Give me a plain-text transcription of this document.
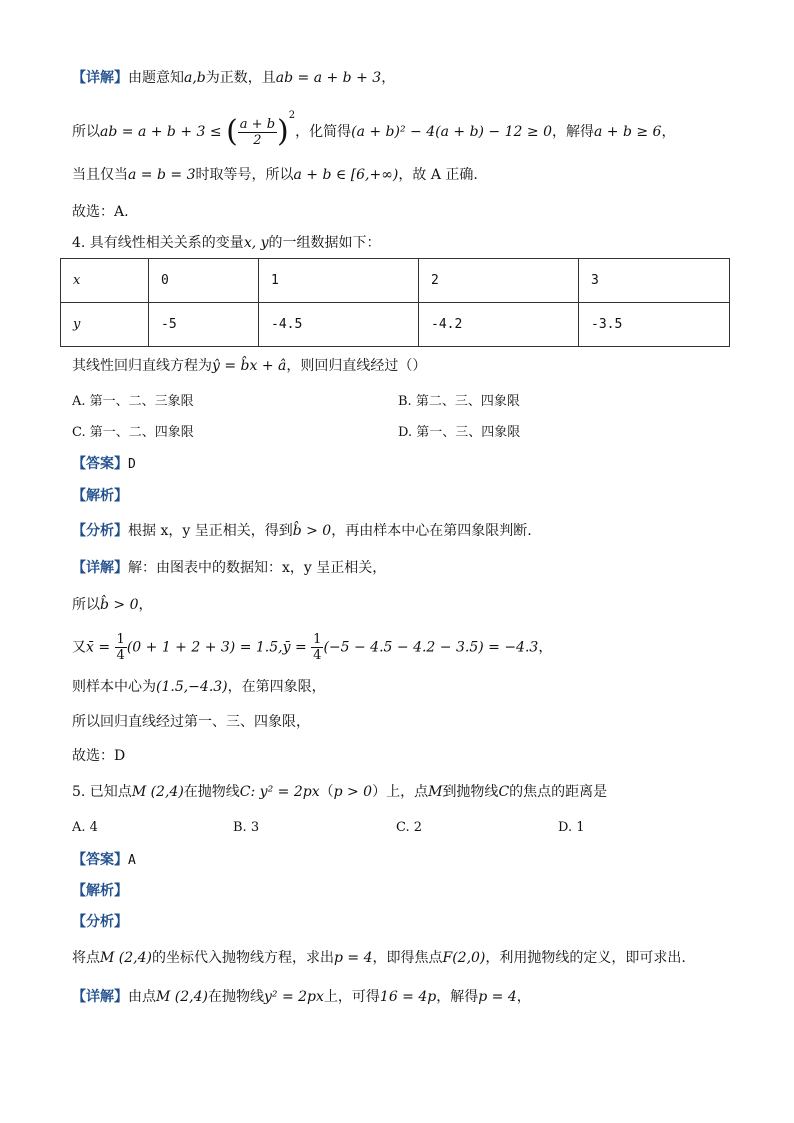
【详解】由题意知a,b为正数，且ab = a + b + 3，
所以ab = a + b + 3 ≤ ( $\frac{a + b}{2} )^2$，化简得(a + b)² − 4(a + b) − 12 ≥ 0，解得a + b ≥ 6，
当且仅当a = b = 3时取等号，所以a + b ∈ [6,+∞)，故 A 正确.
故选：A.
4. 具有线性相关关系的变量x, y的一组数据如下：
x	0	1	2	3
y	-5	-4.5	-4.2	-3.5
其线性回归直线方程为ŷ = b̂x + â，则回归直线经过（）
A. 第一、二、三象限	B. 第二、三、四象限
C. 第一、二、四象限	D. 第一、三、四象限
【答案】D
【解析】
【分析】根据 x，y 呈正相关，得到b̂ > 0，再由样本中心在第四象限判断.
【详解】解：由图表中的数据知：x，y 呈正相关，
所以b̂ > 0，
又x̄ = $\frac{1}{4} (0 + 1 + 2 + 3)$ = 1.5,ȳ = $\frac{1}{4} (-5 - 4.5 - 4.2 - 3.5) = -4.3$，
则样本中心为(1.5,−4.3)，在第四象限，
所以回归直线经过第一、三、四象限，
故选：D
5. 已知点M (2,4)在抛物线C: y² = 2px（p > 0）上，点M到抛物线C的焦点的距离是
A. 4	B. 3	C. 2	D. 1
【答案】A
【解析】
【分析】
将点M (2,4)的坐标代入抛物线方程，求出p = 4，即得焦点F(2,0)，利用抛物线的定义，即可求出.
【详解】由点M (2,4)在抛物线y² = 2px上，可得16 = 4p，解得p = 4，
